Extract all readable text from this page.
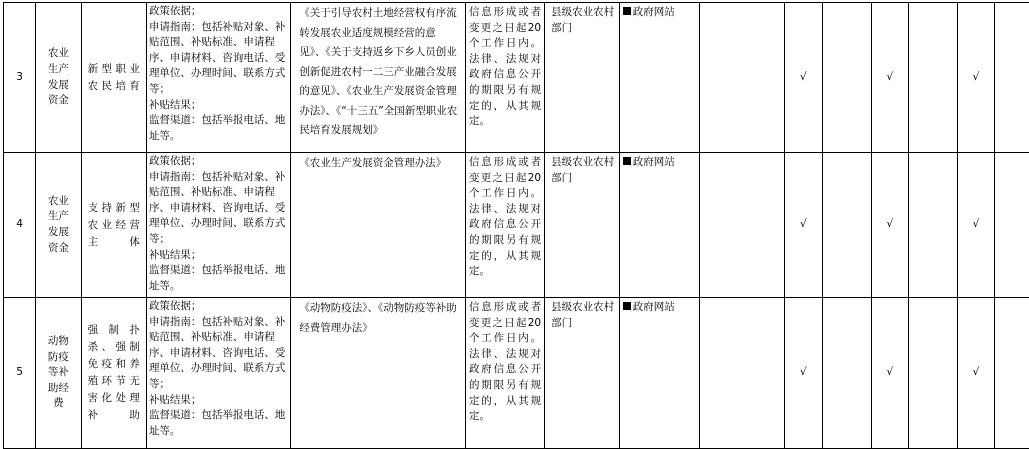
3	农业生产发展资金	新型职业农民培育	政策依据；
申请指南：包括补贴对象、补贴范围、补贴标准、申请程序、申请材料、咨询电话、受理单位、办理时间、联系方式等；
补贴结果；
监督渠道：包括举报电话、地址等。	《关于引导农村土地经营权有序流转发展农业适度规模经营的意见》、《关于支持返乡下乡人员创业创新促进农村一二三产业融合发展的意见》、《农业生产发展资金管理办法》、《“十三五”全国新型职业农民培育发展规划》	信息形成或者变更之日起20个工作日内。法律、法规对政府信息公开的期限另有规定的，从其规定。	县级农业农村部门	政府网站		√		√		√	
4	农业生产发展资金	支持新型农业经营主体	政策依据；
申请指南：包括补贴对象、补贴范围、补贴标准、申请程序、申请材料、咨询电话、受理单位、办理时间、联系方式等；
补贴结果；
监督渠道：包括举报电话、地址等。	《农业生产发展资金管理办法》	信息形成或者变更之日起20个工作日内。法律、法规对政府信息公开的期限另有规定的，从其规定。	县级农业农村部门	政府网站		√		√		√	
5	动物防疫等补助经费	强制扑杀、强制免疫和养殖环节无害化处理补助	政策依据；
申请指南：包括补贴对象、补贴范围、补贴标准、申请程序、申请材料、咨询电话、受理单位、办理时间、联系方式等；
补贴结果；
监督渠道：包括举报电话、地址等。	《动物防疫法》、《动物防疫等补助经费管理办法》	信息形成或者变更之日起20个工作日内。法律、法规对政府信息公开的期限另有规定的，从其规定。	县级农业农村部门	政府网站		√		√		√	
